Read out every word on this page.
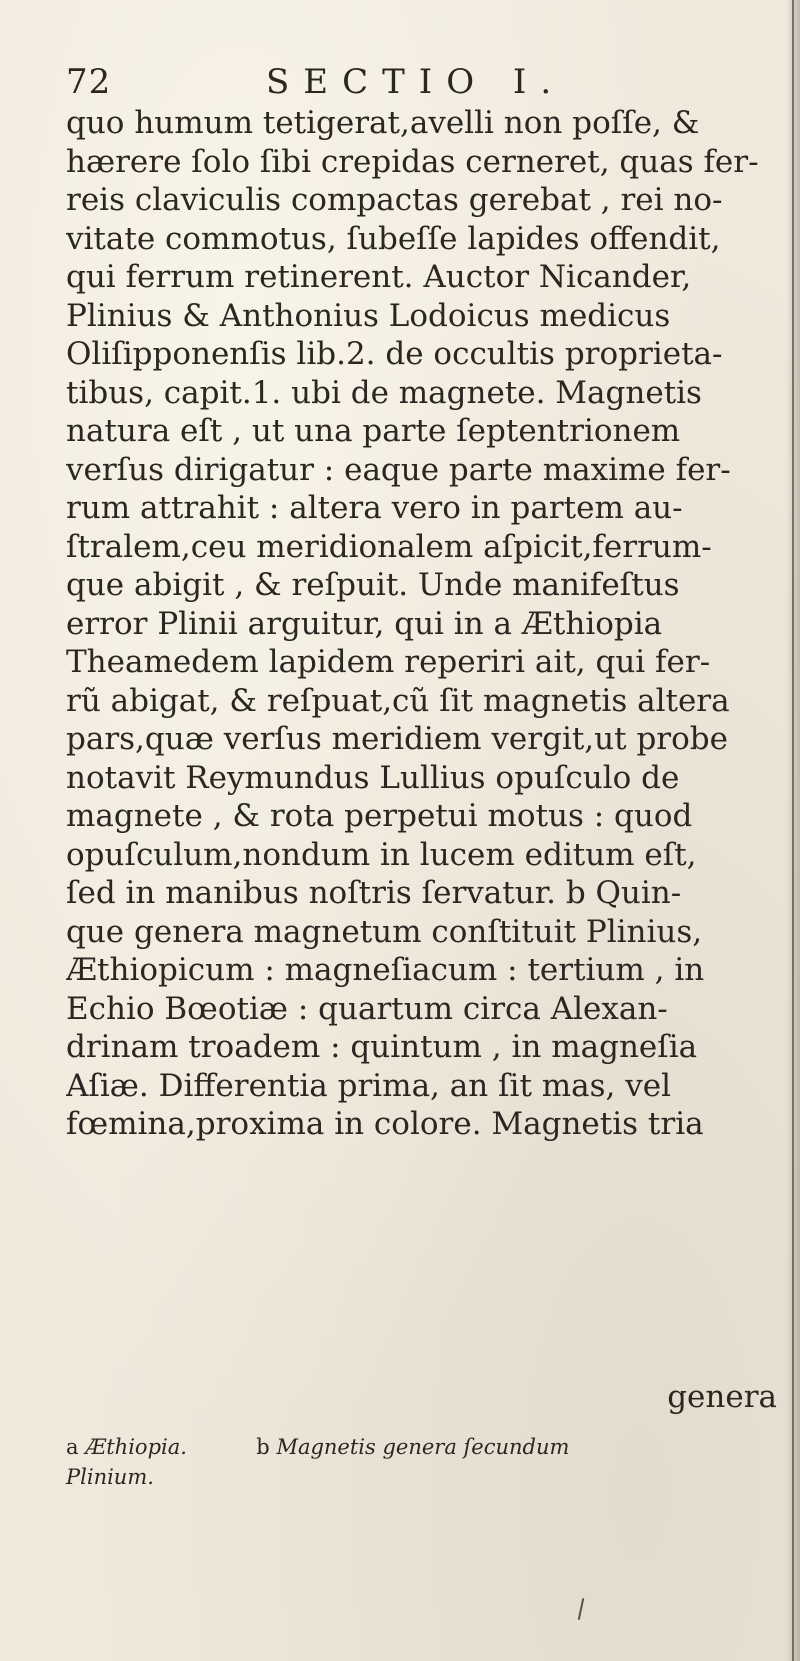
72	SECTIO I.
quo humum tetigerat,avelli non poſſe, &
hærere ſolo ſibi crepidas cerneret, quas fer-
reis claviculis compactas gerebat , rei no-
vitate commotus, ſubeſſe lapides offendit,
qui ferrum retinerent. Auctor Nicander,
Plinius & Anthonius Lodoicus medicus
Oliſipponenſis lib.2. de occultis proprieta-
tibus, capit.1. ubi de magnete. Magnetis
natura eſt , ut una parte ſeptentrionem
verſus dirigatur : eaque parte maxime fer-
rum attrahit : altera vero in partem au-
ſtralem,ceu meridionalem aſpicit,ferrum-
que abigit , & reſpuit. Unde manifeſtus
error Plinii arguitur, qui in a Æthiopia
Theamedem lapidem reperiri ait, qui fer-
rũ abigat, & reſpuat,cũ ſit magnetis altera
pars,quæ verſus meridiem vergit,ut probe
notavit Reymundus Lullius opuſculo de
magnete , & rota perpetui motus : quod
opuſculum,nondum in lucem editum eſt,
ſed in manibus noſtris ſervatur. b Quin-
que genera magnetum conſtituit Plinius,
Æthiopicum : magneſiacum : tertium , in
Echio Bœotiæ : quartum circa Alexan-
drinam troadem : quintum , in magneſia
Aſiæ. Differentia prima, an ſit mas, vel
fœmina,proxima in colore. Magnetis tria
genera
a Æthiopia.	b Magnetis genera ſecundum
Plinium.
